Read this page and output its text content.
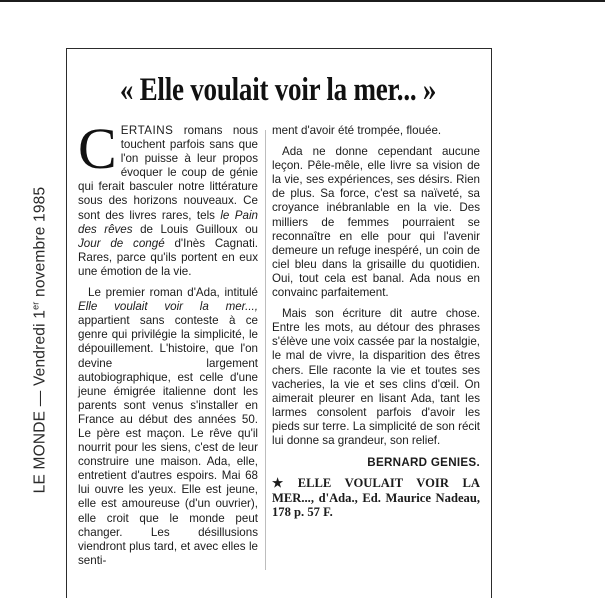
LE MONDE — Vendredi 1er novembre 1985
« Elle voulait voir la mer... »

CERTAINS romans nous touchent parfois sans que l'on puisse à leur propos évoquer le coup de génie qui ferait basculer notre littérature sous des horizons nouveaux. Ce sont des livres rares, tels le Pain des rêves de Louis Guilloux ou Jour de congé d'Inès Cagnati. Rares, parce qu'ils portent en eux une émotion de la vie.

Le premier roman d'Ada, intitulé Elle voulait voir la mer..., appartient sans conteste à ce genre qui privilégie la simplicité, le dépouillement. L'histoire, que l'on devine largement autobiographique, est celle d'une jeune émigrée italienne dont les parents sont venus s'installer en France au début des années 50. Le père est maçon. Le rêve qu'il nourrit pour les siens, c'est de leur construire une maison. Ada, elle, entretient d'autres espoirs. Mai 68 lui ouvre les yeux. Elle est jeune, elle est amoureuse (d'un ouvrier), elle croit que le monde peut changer. Les désillusions viendront plus tard, et avec elles le senti-

ment d'avoir été trompée, flouée.

Ada ne donne cependant aucune leçon. Pêle-mêle, elle livre sa vision de la vie, ses expériences, ses désirs. Rien de plus. Sa force, c'est sa naïveté, sa croyance inébranlable en la vie. Des milliers de femmes pourraient se reconnaître en elle pour qui l'avenir demeure un refuge inespéré, un coin de ciel bleu dans la grisaille du quotidien. Oui, tout cela est banal. Ada nous en convainc parfaitement.

Mais son écriture dit autre chose. Entre les mots, au détour des phrases s'élève une voix cassée par la nostalgie, le mal de vivre, la disparition des êtres chers. Elle raconte la vie et toutes ses vacheries, la vie et ses clins d'œil. On aimerait pleurer en lisant Ada, tant les larmes consolent parfois d'avoir les pieds sur terre. La simplicité de son récit lui donne sa grandeur, son relief.

BERNARD GENIES.
★ ELLE VOULAIT VOIR LA MER..., d'Ada., Ed. Maurice Nadeau, 178 p. 57 F.
